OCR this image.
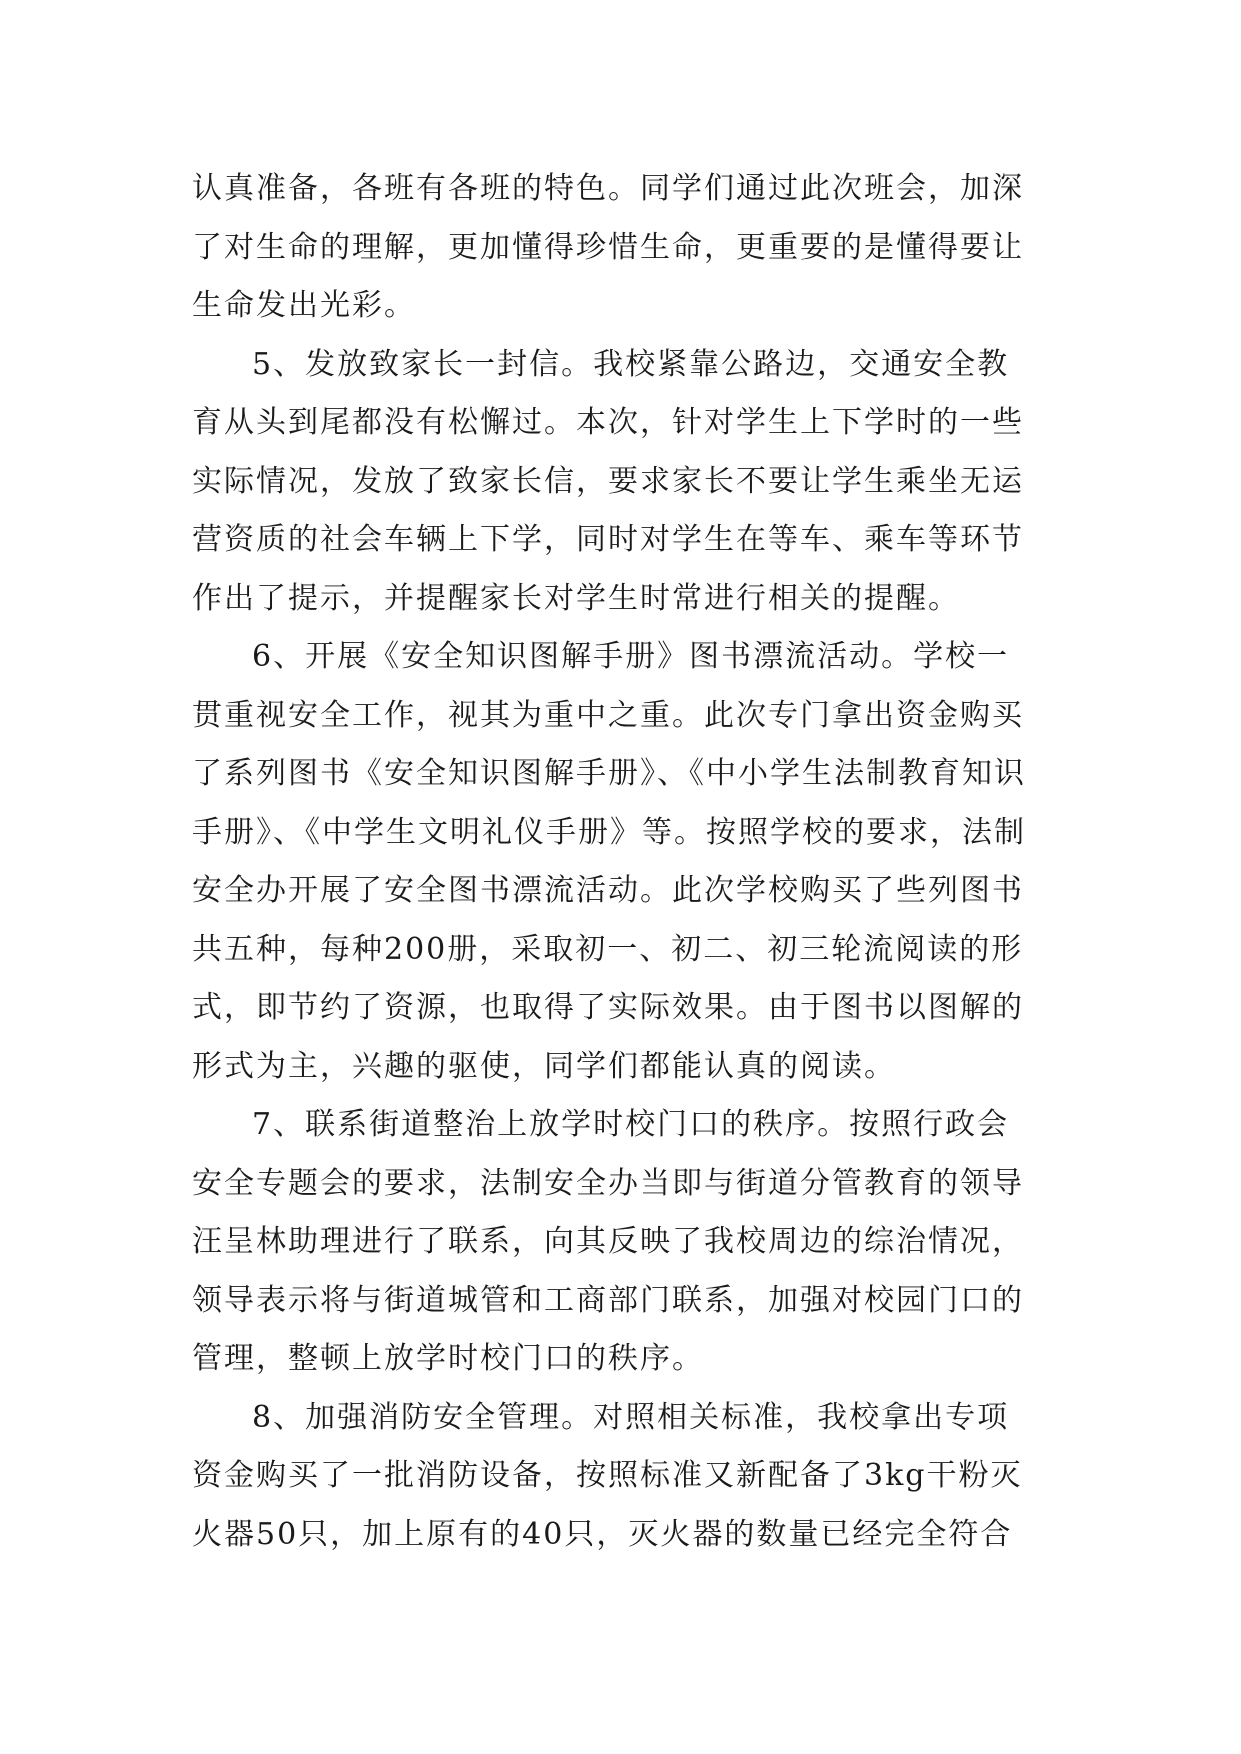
认真准备，各班有各班的特色。同学们通过此次班会，加深
了对生命的理解，更加懂得珍惜生命，更重要的是懂得要让
生命发出光彩。
5、发放致家长一封信。我校紧靠公路边，交通安全教
育从头到尾都没有松懈过。本次，针对学生上下学时的一些
实际情况，发放了致家长信，要求家长不要让学生乘坐无运
营资质的社会车辆上下学，同时对学生在等车、乘车等环节
作出了提示，并提醒家长对学生时常进行相关的提醒。
6、开展《安全知识图解手册》图书漂流活动。学校一
贯重视安全工作，视其为重中之重。此次专门拿出资金购买
了系列图书《安全知识图解手册》、《中小学生法制教育知识
手册》、《中学生文明礼仪手册》等。按照学校的要求，法制
安全办开展了安全图书漂流活动。此次学校购买了些列图书
共五种，每种200册，采取初一、初二、初三轮流阅读的形
式，即节约了资源，也取得了实际效果。由于图书以图解的
形式为主，兴趣的驱使，同学们都能认真的阅读。
7、联系街道整治上放学时校门口的秩序。按照行政会
安全专题会的要求，法制安全办当即与街道分管教育的领导
汪呈林助理进行了联系，向其反映了我校周边的综治情况，
领导表示将与街道城管和工商部门联系，加强对校园门口的
管理，整顿上放学时校门口的秩序。
8、加强消防安全管理。对照相关标准，我校拿出专项
资金购买了一批消防设备，按照标准又新配备了3kg干粉灭
火器50只，加上原有的40只，灭火器的数量已经完全符合
